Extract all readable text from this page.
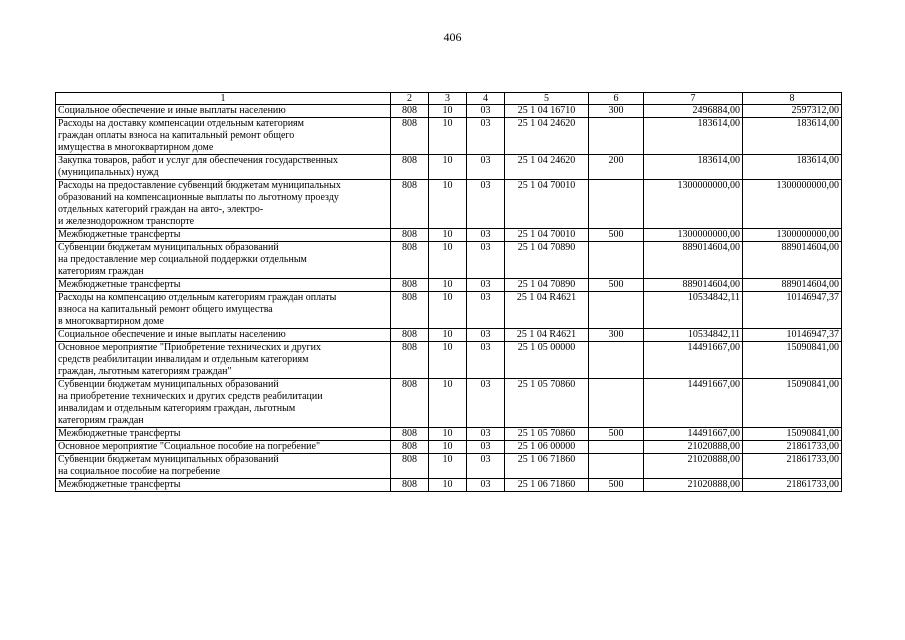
406
1	2	3	4	5	6	7	8
Социальное обеспечение и иные выплаты населению	808	10	03	25 1 04 16710	300	2496884,00	2597312,00
Расходы на доставку компенсации отдельным категориям
граждан оплаты взноса на капитальный ремонт общего
имущества в многоквартирном доме	808	10	03	25 1 04 24620		183614,00	183614,00
Закупка товаров, работ и услуг для обеспечения государственных
(муниципальных) нужд	808	10	03	25 1 04 24620	200	183614,00	183614,00
Расходы на предоставление субвенций бюджетам муниципальных
образований на компенсационные выплаты по льготному проезду
отдельных категорий граждан на авто-, электро-
и железнодорожном транспорте	808	10	03	25 1 04 70010		1300000000,00	1300000000,00
Межбюджетные трансферты	808	10	03	25 1 04 70010	500	1300000000,00	1300000000,00
Субвенции бюджетам муниципальных образований
на предоставление мер социальной поддержки отдельным
категориям граждан	808	10	03	25 1 04 70890		889014604,00	889014604,00
Межбюджетные трансферты	808	10	03	25 1 04 70890	500	889014604,00	889014604,00
Расходы на компенсацию отдельным категориям граждан оплаты
взноса на капитальный ремонт общего имущества
в многоквартирном доме	808	10	03	25 1 04 R4621		10534842,11	10146947,37
Социальное обеспечение и иные выплаты населению	808	10	03	25 1 04 R4621	300	10534842,11	10146947,37
Основное мероприятие "Приобретение технических и других
средств реабилитации инвалидам и отдельным категориям
граждан, льготным категориям граждан"	808	10	03	25 1 05 00000		14491667,00	15090841,00
Субвенции бюджетам муниципальных образований
на приобретение технических и других средств реабилитации
инвалидам и отдельным категориям граждан, льготным
категориям граждан	808	10	03	25 1 05 70860		14491667,00	15090841,00
Межбюджетные трансферты	808	10	03	25 1 05 70860	500	14491667,00	15090841,00
Основное мероприятие "Социальное пособие на погребение"	808	10	03	25 1 06 00000		21020888,00	21861733,00
Субвенции бюджетам муниципальных образований
на социальное пособие на погребение	808	10	03	25 1 06 71860		21020888,00	21861733,00
Межбюджетные трансферты	808	10	03	25 1 06 71860	500	21020888,00	21861733,00
